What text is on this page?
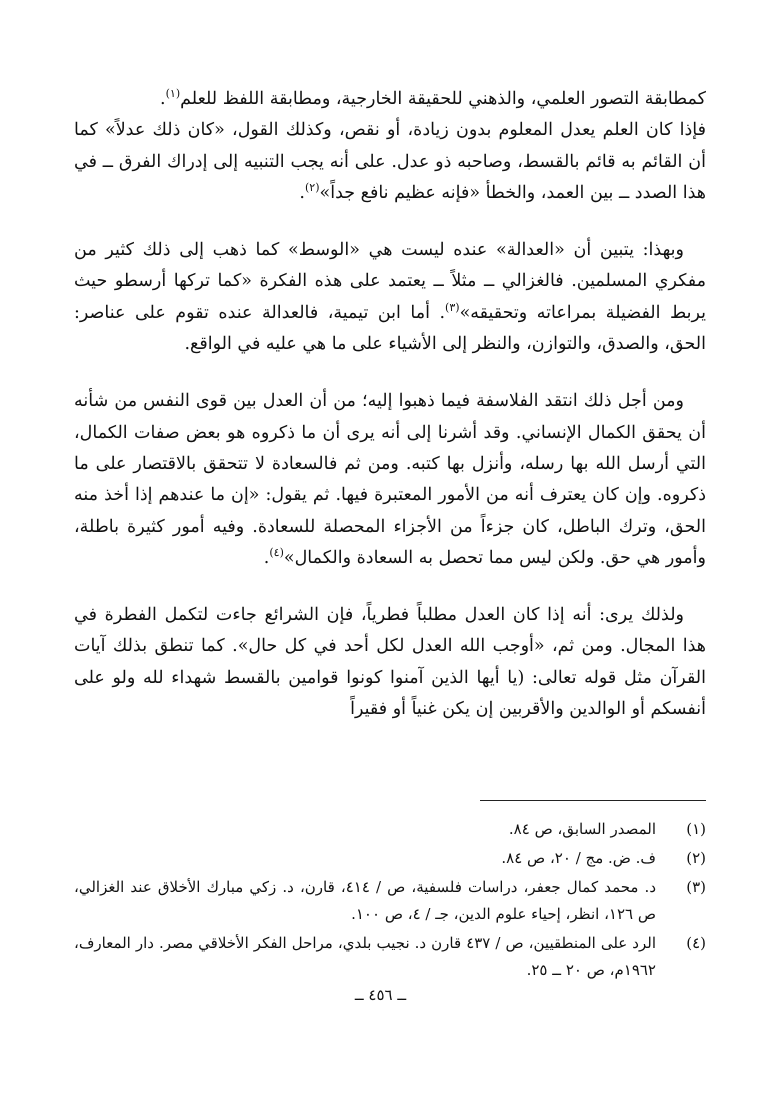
كمطابقة التصور العلمي، والذهني للحقيقة الخارجية، ومطابقة اللفظ للعلم$^{(١)}$.
فإذا كان العلم يعدل المعلوم بدون زيادة، أو نقص، وكذلك القول، «كان ذلك عدلاً» كما أن القائم به قائم بالقسط، وصاحبه ذو عدل. على أنه يجب التنبيه إلى إدراك الفرق ــ في هذا الصدد ــ بين العمد، والخطأ «فإنه عظيم نافع جداً»$^{(٢)}$.

وبهذا: يتبين أن «العدالة» عنده ليست هي «الوسط» كما ذهب إلى ذلك كثير من مفكري المسلمين. فالغزالي ــ مثلاً ــ يعتمد على هذه الفكرة «كما تركها أرسطو حيث يربط الفضيلة بمراعاته وتحقيقه»$^{(٣)}$. أما ابن تيمية، فالعدالة عنده تقوم على عناصر: الحق، والصدق، والتوازن، والنظر إلى الأشياء على ما هي عليه في الواقع.

ومن أجل ذلك انتقد الفلاسفة فيما ذهبوا إليه؛ من أن العدل بين قوى النفس من شأنه أن يحقق الكمال الإنساني. وقد أشرنا إلى أنه يرى أن ما ذكروه هو بعض صفات الكمال، التي أرسل الله بها رسله، وأنزل بها كتبه. ومن ثم فالسعادة لا تتحقق بالاقتصار على ما ذكروه. وإن كان يعترف أنه من الأمور المعتبرة فيها. ثم يقول: «إن ما عندهم إذا أخذ منه الحق، وترك الباطل، كان جزءاً من الأجزاء المحصلة للسعادة. وفيه أمور كثيرة باطلة، وأمور هي حق. ولكن ليس مما تحصل به السعادة والكمال»$^{(٤)}$.

ولذلك يرى: أنه إذا كان العدل مطلباً فطرياً، فإن الشرائع جاءت لتكمل الفطرة في هذا المجال. ومن ثم، «أوجب الله العدل لكل أحد في كل حال». كما تنطق بذلك آيات القرآن مثل قوله تعالى: (يا أيها الذين آمنوا كونوا قوامين بالقسط شهداء لله ولو على أنفسكم أو الوالدين والأقربين إن يكن غنياً أو فقيراً

(١)
المصدر السابق، ص ٨٤.
(٢)
ف. ض. مج / ٢٠، ص ٨٤.
(٣)
د. محمد كمال جعفر، دراسات فلسفية، ص / ٤١٤، قارن، د. زكي مبارك الأخلاق عند الغزالي، ص ١٢٦، انظر، إحياء علوم الدين، جـ / ٤، ص ١٠٠.
(٤)
الرد على المنطقيين، ص / ٤٣٧ قارن د. نجيب بلدي، مراحل الفكر الأخلاقي مصر. دار المعارف، ١٩٦٢م، ص ٢٠ ــ ٢٥.
ــ ٤٥٦ ــ
